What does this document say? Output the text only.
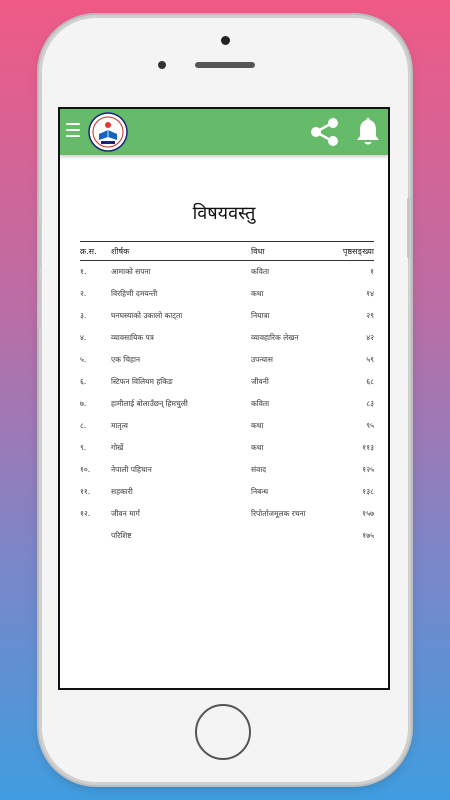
विषयवस्तु
क्र.स.	शीर्षक	विधा	पृष्ठसङ्ख्या
१.	आमाको सपना	कविता	१
२.	विरहिणी दमयन्ती	कथा	१४
३.	घनघस्याको उकालो काट्ता	नियात्रा	२९
४.	व्यावसायिक पत्र	व्यावहारिक लेखन	४२
५.	एक चिहान	उपन्यास	५९
६.	स्टिफन विलियम हकिङ	जीवनी	६८
७.	हामीलाई बोलाउँछन् हिमचुली	कविता	८३
८.	मातृत्व	कथा	९५
९.	गोर्खे	कथा	११३
१०.	नेपाली पहिचान	संवाद	१२५
११.	सहकारी	निबन्ध	१३८
१२.	जीवन मार्ग	रिपोर्ताजमूलक रचना	१५७
परिशिष्ट	१७५
